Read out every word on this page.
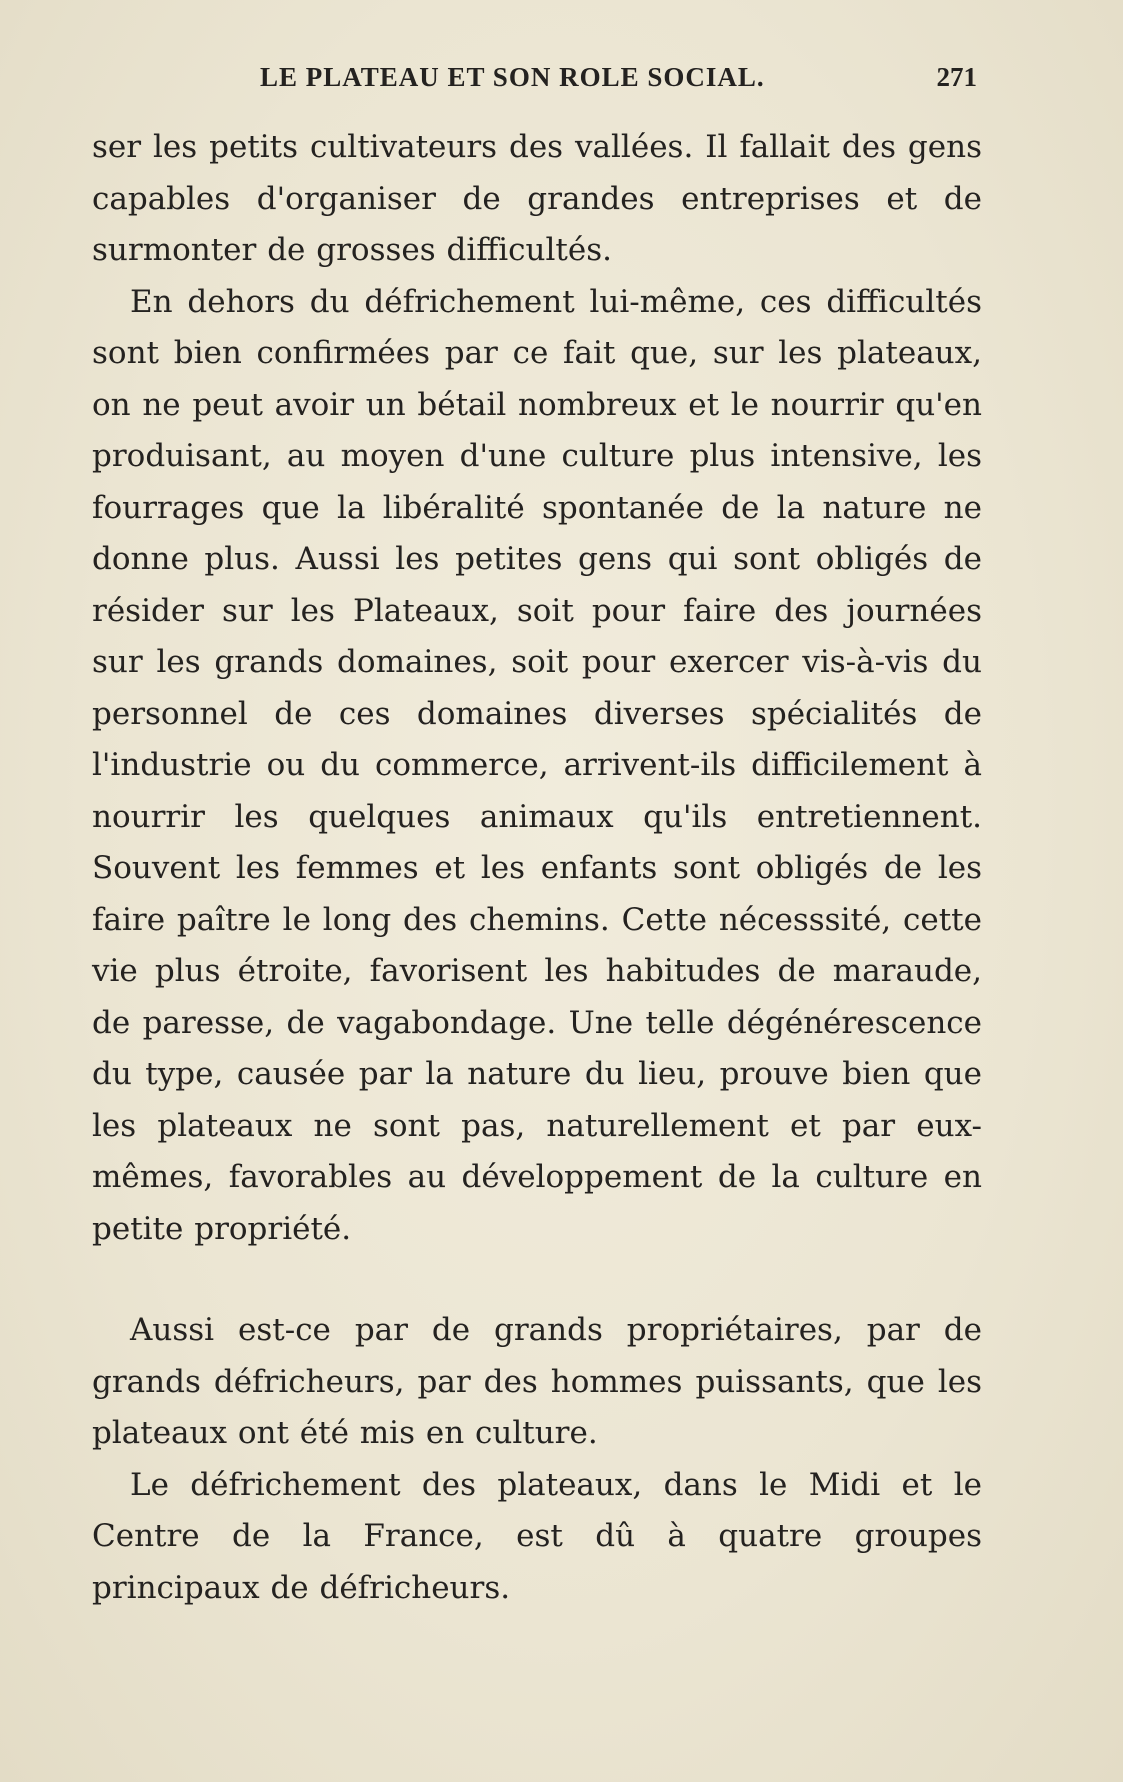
LE PLATEAU ET SON ROLE SOCIAL.	271

ser les petits cultivateurs des vallées. Il fallait des gens capables d'organiser de grandes entreprises et de surmonter de grosses difficultés.

En dehors du défrichement lui-même, ces difficultés sont bien confirmées par ce fait que, sur les plateaux, on ne peut avoir un bétail nombreux et le nourrir qu'en produisant, au moyen d'une culture plus intensive, les fourrages que la libéralité spontanée de la nature ne donne plus. Aussi les petites gens qui sont obligés de résider sur les Plateaux, soit pour faire des journées sur les grands domaines, soit pour exercer vis-à-vis du personnel de ces domaines diverses spécialités de l'industrie ou du commerce, arrivent-ils difficilement à nourrir les quelques animaux qu'ils entretiennent. Souvent les femmes et les enfants sont obligés de les faire paître le long des chemins. Cette nécesssité, cette vie plus étroite, favorisent les habitudes de maraude, de paresse, de vagabondage. Une telle dégénérescence du type, causée par la nature du lieu, prouve bien que les plateaux ne sont pas, naturellement et par eux-mêmes, favorables au développement de la culture en petite propriété.

Aussi est-ce par de grands propriétaires, par de grands défricheurs, par des hommes puissants, que les plateaux ont été mis en culture.

Le défrichement des plateaux, dans le Midi et le Centre de la France, est dû à quatre groupes principaux de défricheurs.
